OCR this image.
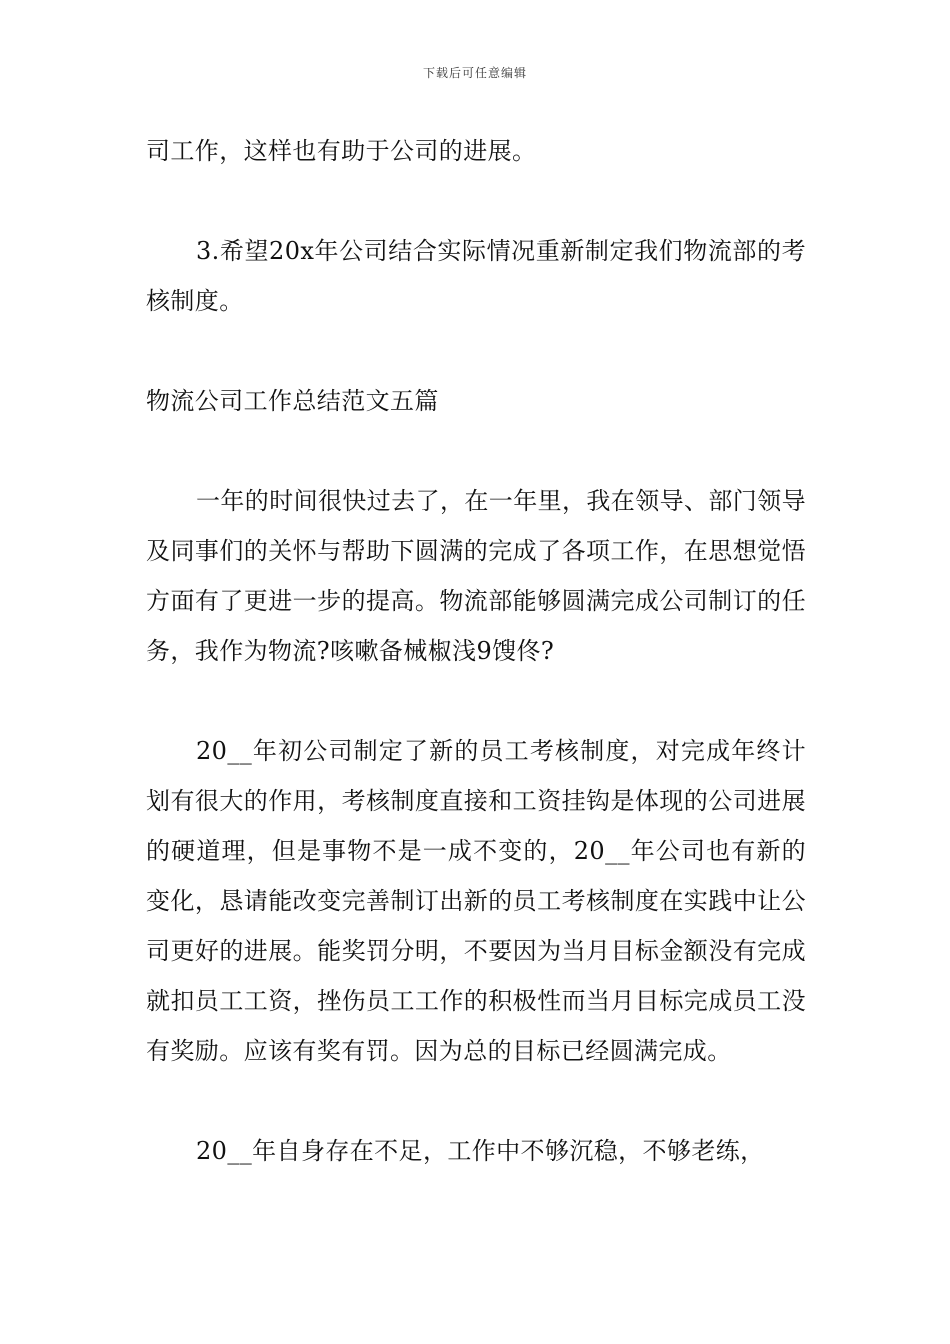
下载后可任意编辑

司工作，这样也有助于公司的进展。

3.希望20x年公司结合实际情况重新制定我们物流部的考核制度。

物流公司工作总结范文五篇

一年的时间很快过去了，在一年里，我在领导、部门领导及同事们的关怀与帮助下圆满的完成了各项工作，在思想觉悟方面有了更进一步的提高。物流部能够圆满完成公司制订的任务，我作为物流?咳嗽备械椒浅9馊佟?

20__年初公司制定了新的员工考核制度，对完成年终计划有很大的作用，考核制度直接和工资挂钩是体现的公司进展的硬道理，但是事物不是一成不变的，20__年公司也有新的变化，恳请能改变完善制订出新的员工考核制度在实践中让公司更好的进展。能奖罚分明，不要因为当月目标金额没有完成就扣员工工资，挫伤员工工作的积极性而当月目标完成员工没有奖励。应该有奖有罚。因为总的目标已经圆满完成。

20__年自身存在不足，工作中不够沉稳，不够老练，
